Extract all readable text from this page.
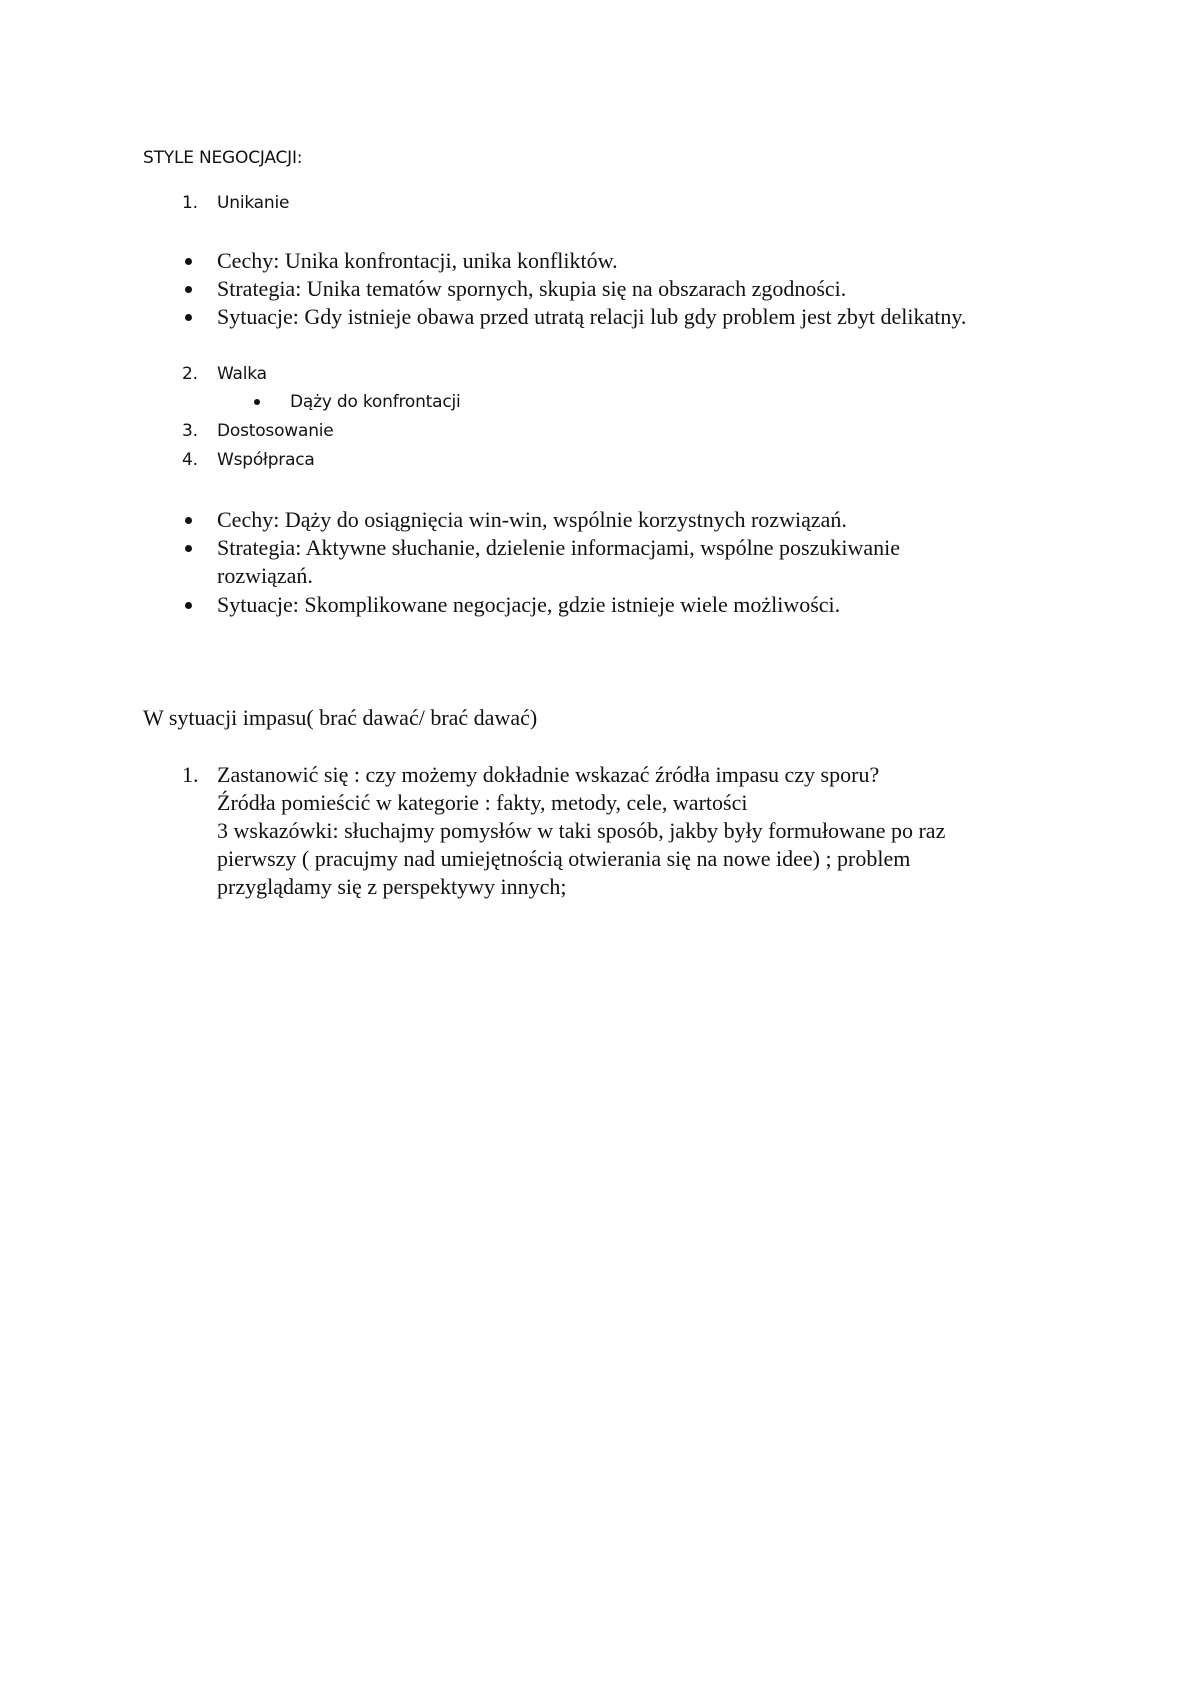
STYLE NEGOCJACJI:
1. Unikanie
Cechy: Unika konfrontacji, unika konfliktów.
Strategia: Unika tematów spornych, skupia się na obszarach zgodności.
Sytuacje: Gdy istnieje obawa przed utratą relacji lub gdy problem jest zbyt delikatny.
2. Walka
Dąży do konfrontacji
3. Dostosowanie
4. Współpraca
Cechy: Dąży do osiągnięcia win-win, wspólnie korzystnych rozwiązań.
Strategia: Aktywne słuchanie, dzielenie informacjami, wspólne poszukiwanie
rozwiązań.
Sytuacje: Skomplikowane negocjacje, gdzie istnieje wiele możliwości.
W sytuacji impasu( brać dawać/ brać dawać)
1. Zastanowić się : czy możemy dokładnie wskazać źródła impasu czy sporu?
Źródła pomieścić w kategorie : fakty, metody, cele, wartości
3 wskazówki: słuchajmy pomysłów w taki sposób, jakby były formułowane po raz
pierwszy ( pracujmy nad umiejętnością otwierania się na nowe idee) ; problem
przyglądamy się z perspektywy innych;
